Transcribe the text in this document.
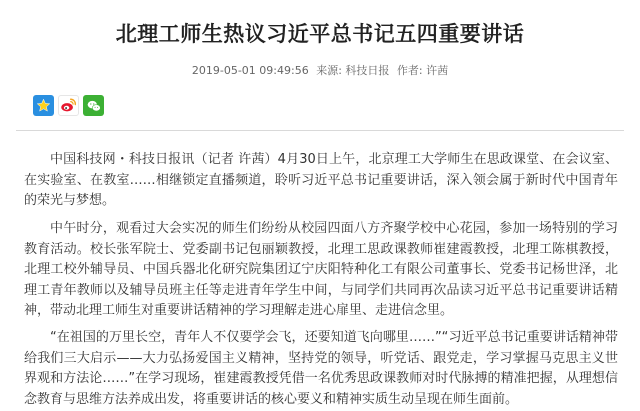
北理工师生热议习近平总书记五四重要讲话
2019-05-01 09:49:56 来源: 科技日报 作者: 许茜

中国科技网・科技日报讯（记者 许茜）4月30日上午，北京理工大学师生在思政课堂、在会议室、在实验室、在教室……相继锁定直播频道，聆听习近平总书记重要讲话，深入领会属于新时代中国青年的荣光与梦想。

中午时分，观看过大会实况的师生们纷纷从校园四面八方齐聚学校中心花园，参加一场特别的学习教育活动。校长张军院士、党委副书记包丽颖教授，北理工思政课教师崔建霞教授，北理工陈棋教授，北理工校外辅导员、中国兵器北化研究院集团辽宁庆阳特种化工有限公司董事长、党委书记杨世泽，北理工青年教师以及辅导员班主任等走进青年学生中间，与同学们共同再次品读习近平总书记重要讲话精神，带动北理工师生对重要讲话精神的学习理解走进心扉里、走进信念里。

“在祖国的万里长空，青年人不仅要学会飞，还要知道飞向哪里……”“习近平总书记重要讲话精神带给我们三大启示——大力弘扬爱国主义精神，坚持党的领导，听党话、跟党走，学习掌握马克思主义世界观和方法论……”在学习现场，崔建霞教授凭借一名优秀思政课教师对时代脉搏的精准把握，从理想信念教育与思维方法养成出发，将重要讲话的核心要义和精神实质生动呈现在师生面前。
